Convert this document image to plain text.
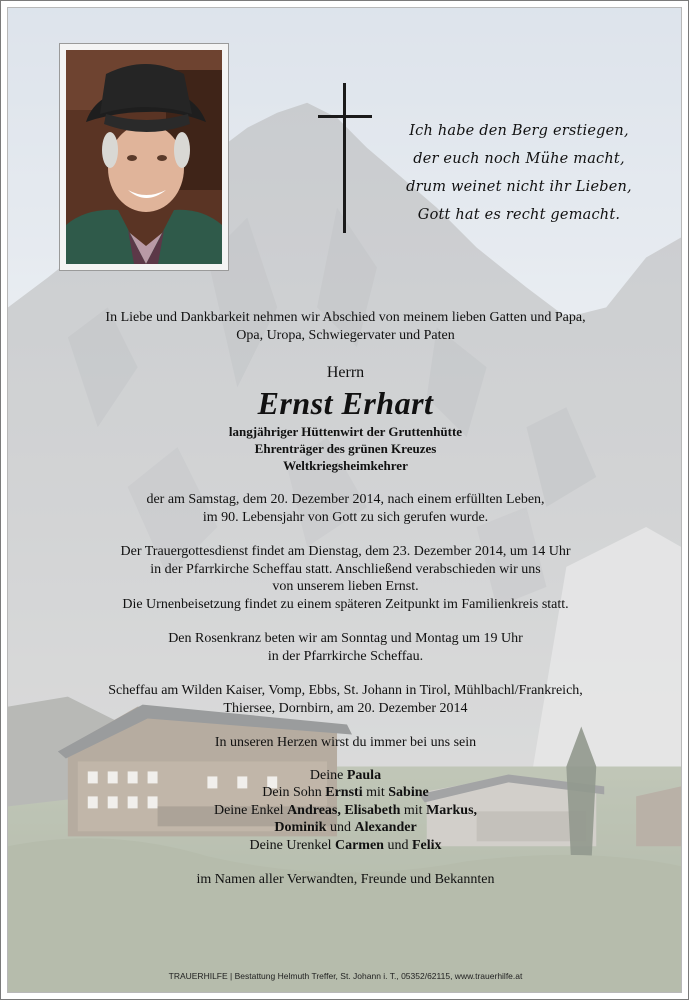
Ich habe den Berg erstiegen,
der euch noch Mühe macht,
drum weinet nicht ihr Lieben,
Gott hat es recht gemacht.
In Liebe und Dankbarkeit nehmen wir Abschied von meinem lieben Gatten und Papa,
Opa, Uropa, Schwiegervater und Paten
Herrn
Ernst Erhart
langjähriger Hüttenwirt der Gruttenhütte
Ehrenträger des grünen Kreuzes
Weltkriegsheimkehrer

der am Samstag, dem 20. Dezember 2014, nach einem erfüllten Leben,
im 90. Lebensjahr von Gott zu sich gerufen wurde.

Der Trauergottesdienst findet am Dienstag, dem 23. Dezember 2014, um 14 Uhr
in der Pfarrkirche Scheffau statt. Anschließend verabschieden wir uns
von unserem lieben Ernst.
Die Urnenbeisetzung findet zu einem späteren Zeitpunkt im Familienkreis statt.

Den Rosenkranz beten wir am Sonntag und Montag um 19 Uhr
in der Pfarrkirche Scheffau.

Scheffau am Wilden Kaiser, Vomp, Ebbs, St. Johann in Tirol, Mühlbachl/Frankreich,
Thiersee, Dornbirn, am 20. Dezember 2014

In unseren Herzen wirst du immer bei uns sein
Deine Paula
Dein Sohn Ernsti mit Sabine
Deine Enkel Andreas, Elisabeth mit Markus,
Dominik und Alexander
Deine Urenkel Carmen und Felix
im Namen aller Verwandten, Freunde und Bekannten
TRAUERHILFE | Bestattung Helmuth Treffer, St. Johann i. T., 05352/62115, www.trauerhilfe.at
